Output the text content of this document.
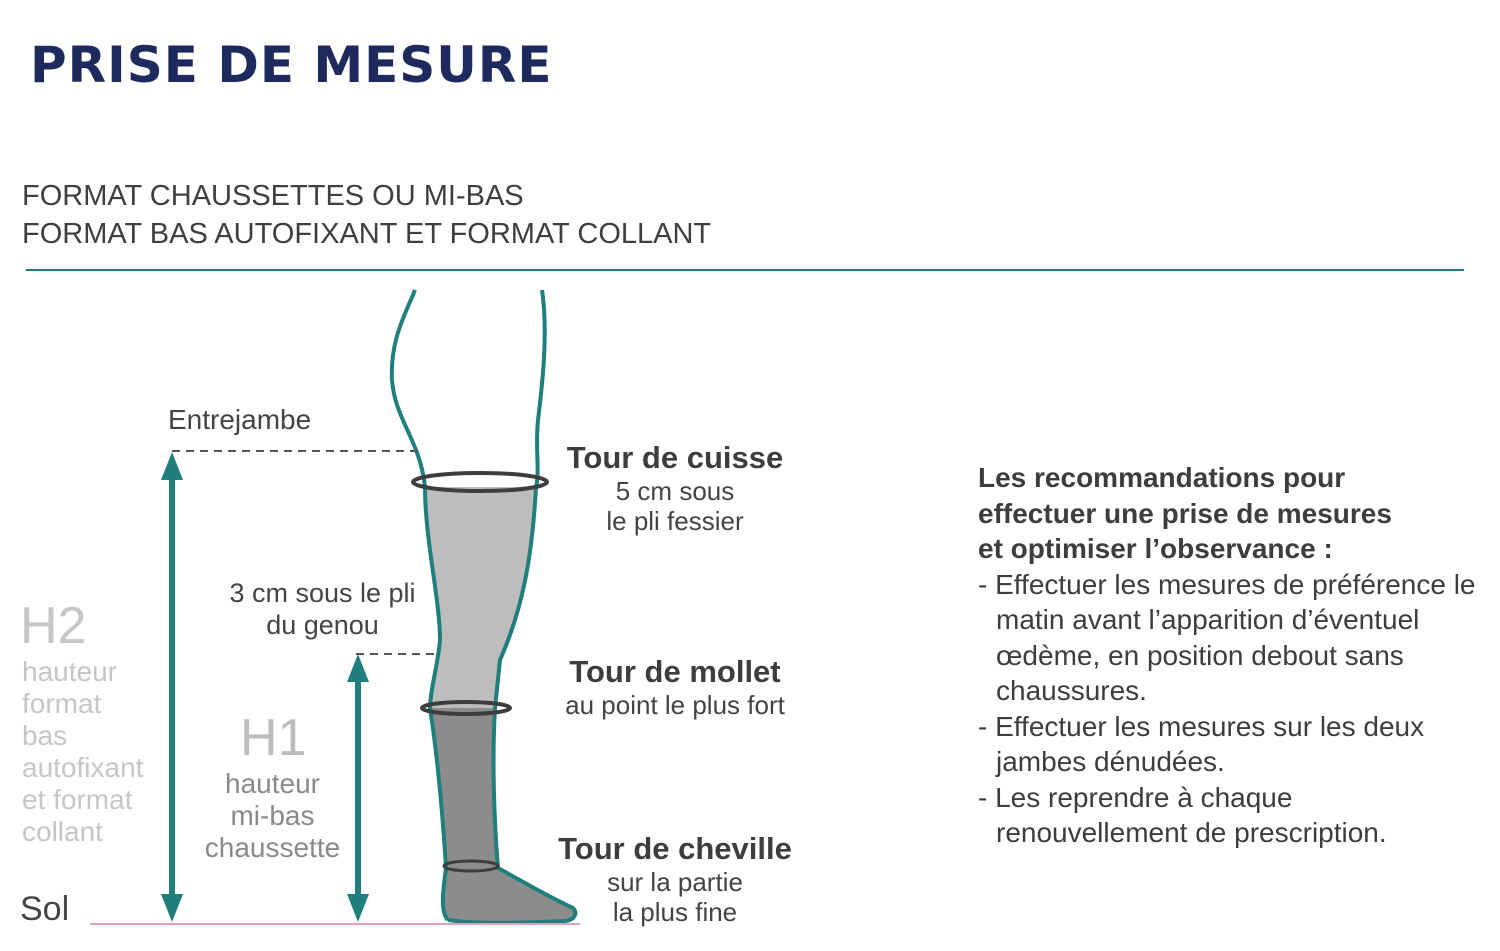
PRISE DE MESURE
FORMAT CHAUSSETTES OU MI-BAS
FORMAT BAS AUTOFIXANT ET FORMAT COLLANT
Entrejambe
3 cm sous le pli
du genou
H2
hauteur
format
bas
autofixant
et format
collant
H1
hauteur
mi-bas
chaussette
Sol
Tour de cuisse
5 cm sous
le pli fessier
Tour de mollet
au point le plus fort
Tour de cheville
sur la partie
la plus fine
Les recommandations pour
effectuer une prise de mesures
et optimiser l’observance :
- Effectuer les mesures de préférence le matin avant l’apparition d’éventuel œdème, en position debout sans chaussures.
- Effectuer les mesures sur les deux jambes dénudées.
- Les reprendre à chaque renouvellement de prescription.
